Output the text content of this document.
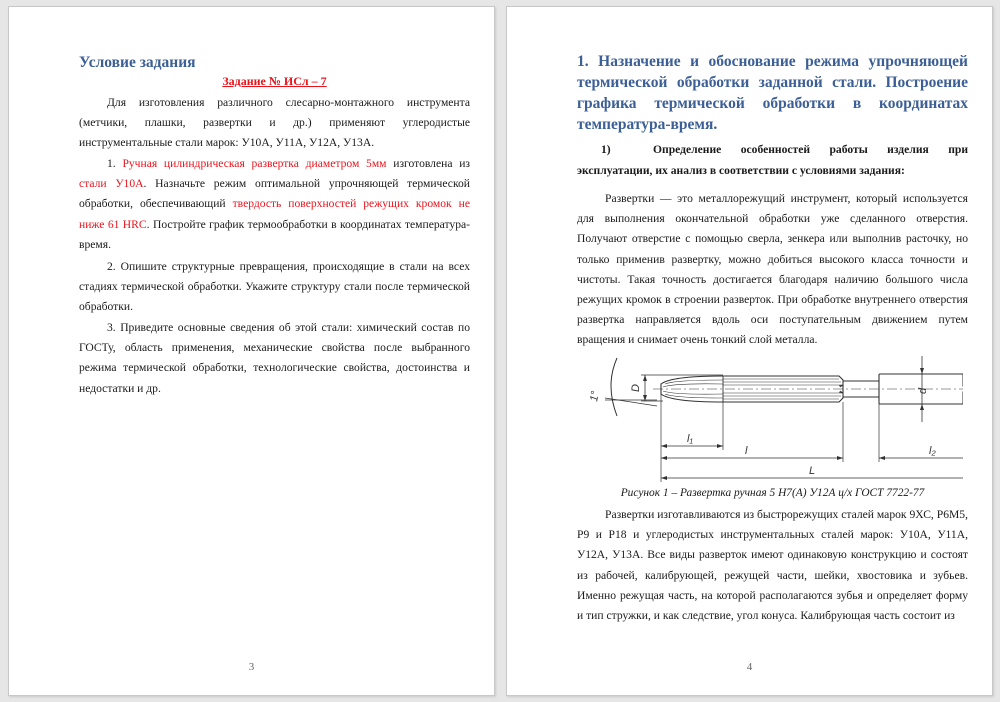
Условие задания
Задание № ИСл – 7
Для изготовления различного слесарно-монтажного инструмента (метчики, плашки, развертки и др.) применяют углеродистые инструментальные стали марок: У10А, У11А, У12А, У13А.
1. Ручная цилиндрическая развертка диаметром 5мм изготовлена из стали У10А. Назначьте режим оптимальной упрочняющей термической обработки, обеспечивающий твердость поверхностей режущих кромок не ниже 61 HRC. Постройте график термообработки в координатах температура-время.
2. Опишите структурные превращения, происходящие в стали на всех стадиях термической обработки. Укажите структуру стали после термической обработки.
3. Приведите основные сведения об этой стали: химический состав по ГОСТу, область применения, механические свойства после выбранного режима термической обработки, технологические свойства, достоинства и недостатки и др.
3
1. Назначение и обоснование режима упрочняющей термической обработки заданной стали. Построение графика термической обработки в координатах температура-время.
1)	Определение особенностей работы изделия при эксплуатации, их анализ в соответствии с условиями задания:
Развертки — это металлорежущий инструмент, который используется для выполнения окончательной обработки уже сделанного отверстия. Получают отверстие с помощью сверла, зенкера или выполнив расточку, но только применив развертку, можно добиться высокого класса точности и чистоты. Такая точность достигается благодаря наличию большого числа режущих кромок в строении разверток. При обработке внутреннего отверстия развертка направляется вдоль оси поступательным движением путем вращения и снимает очень тонкий слой металла.
1°
D	d
l₁
l	l₂
L
Рисунок 1 – Развертка ручная 5 Н7(А) У12А ц/х ГОСТ 7722-77
Развертки изготавливаются из быстрорежущих сталей марок 9ХС, Р6М5, Р9 и Р18 и углеродистых инструментальных сталей марок: У10А, У11А, У12А, У13А. Все виды разверток имеют одинаковую конструкцию и состоят из рабочей, калибрующей, режущей части, шейки, хвостовика и зубьев. Именно режущая часть, на которой располагаются зубья и определяет форму и тип стружки, и как следствие, угол конуса. Калибрующая часть состоит из
4
